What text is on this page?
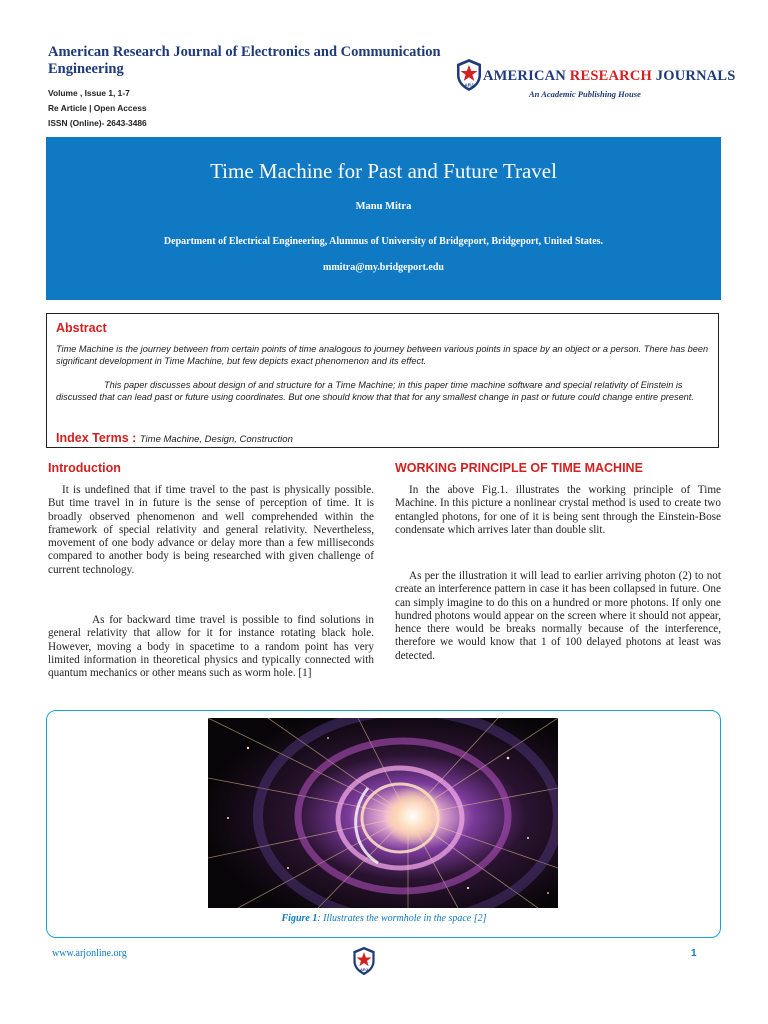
American Research Journal of Electronics and Communication Engineering
Volume , Issue 1, 1-7
Re Article | Open Access
ISSN (Online)- 2643-3486
ARJ
AMERICAN RESEARCH JOURNALS
An Academic Publishing House
Time Machine for Past and Future Travel
Manu Mitra
Department of Electrical Engineering, Alumnus of University of Bridgeport, Bridgeport, United States.
mmitra@my.bridgeport.edu
Abstract

Time Machine is the journey between from certain points of time analogous to journey between various points in space by an object or a person. There has been significant development in Time Machine, but few depicts exact phenomenon and its effect.

This paper discusses about design of and structure for a Time Machine; in this paper time machine software and special relativity of Einstein is discussed that can lead past or future using coordinates. But one should know that that for any smallest change in past or future could change entire present.

Index Terms : Time Machine, Design, Construction
Introduction

It is undefined that if time travel to the past is physically possible. But time travel in in future is the sense of perception of time. It is broadly observed phenomenon and well comprehended within the framework of special relativity and general relativity. Nevertheless, movement of one body advance or delay more than a few milliseconds compared to another body is being researched with given challenge of current technology.

As for backward time travel is possible to find solutions in general relativity that allow for it for instance rotating black hole. However, moving a body in spacetime to a random point has very limited information in theoretical physics and typically connected with quantum mechanics or other means such as worm hole. [1]

WORKING PRINCIPLE OF TIME MACHINE

In the above Fig.1. illustrates the working principle of Time Machine. In this picture a nonlinear crystal method is used to create two entangled photons, for one of it is being sent through the Einstein-Bose condensate which arrives later than double slit.

As per the illustration it will lead to earlier arriving photon (2) to not create an interference pattern in case it has been collapsed in future. One can simply imagine to do this on a hundred or more photons. If only one hundred photons would appear on the screen where it should not appear, hence there would be breaks normally because of the interference, therefore we would know that 1 of 100 delayed photons at least was detected.

Figure 1: Illustrates the wormhole in the space [2]
www.arjonline.org
ARJ
1
